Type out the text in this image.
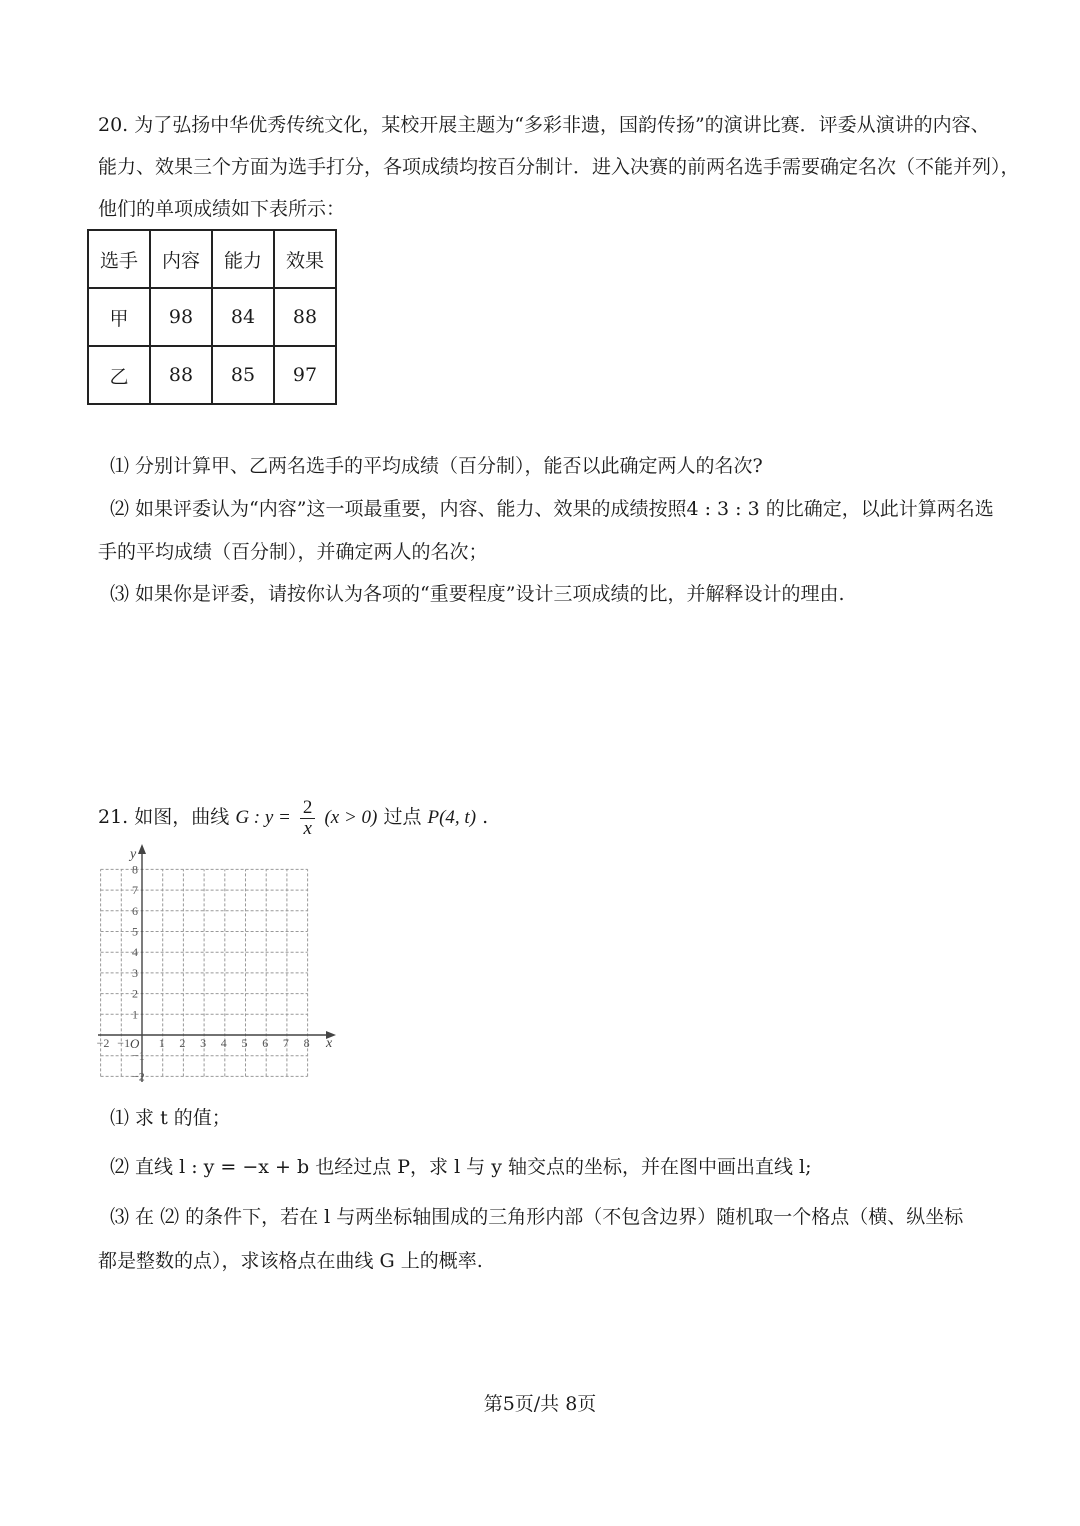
20. 为了弘扬中华优秀传统文化，某校开展主题为“多彩非遗，国韵传扬”的演讲比赛．评委从演讲的内容、
能力、效果三个方面为选手打分，各项成绩均按百分制计．进入决赛的前两名选手需要确定名次（不能并列），
他们的单项成绩如下表所示：
选手	内容	能力	效果
甲	98	84	88
乙	88	85	97
⑴ 分别计算甲、乙两名选手的平均成绩（百分制），能否以此确定两人的名次?
⑵ 如果评委认为“内容”这一项最重要，内容、能力、效果的成绩按照4 : 3 : 3 的比确定，以此计算两名选
手的平均成绩（百分制），并确定两人的名次；
⑶ 如果你是评委，请按你认为各项的“重要程度”设计三项成绩的比，并解释设计的理由.
21. 如图，曲线 G : $y = \frac{2}{x} (x > 0)$ 过点 P(4, t) .
−2 −1 1 2 3 4 5 6 7 8
8
7
6
5
4
3
2
1
−1
−2
O	x
y
⑴ 求 t 的值；
⑵ 直线 l : y = −x + b 也经过点 P，求 l 与 y 轴交点的坐标，并在图中画出直线 l;
⑶ 在 ⑵ 的条件下，若在 l 与两坐标轴围成的三角形内部（不包含边界）随机取一个格点（横、纵坐标
都是整数的点），求该格点在曲线 G 上的概率.
第5页/共 8页
